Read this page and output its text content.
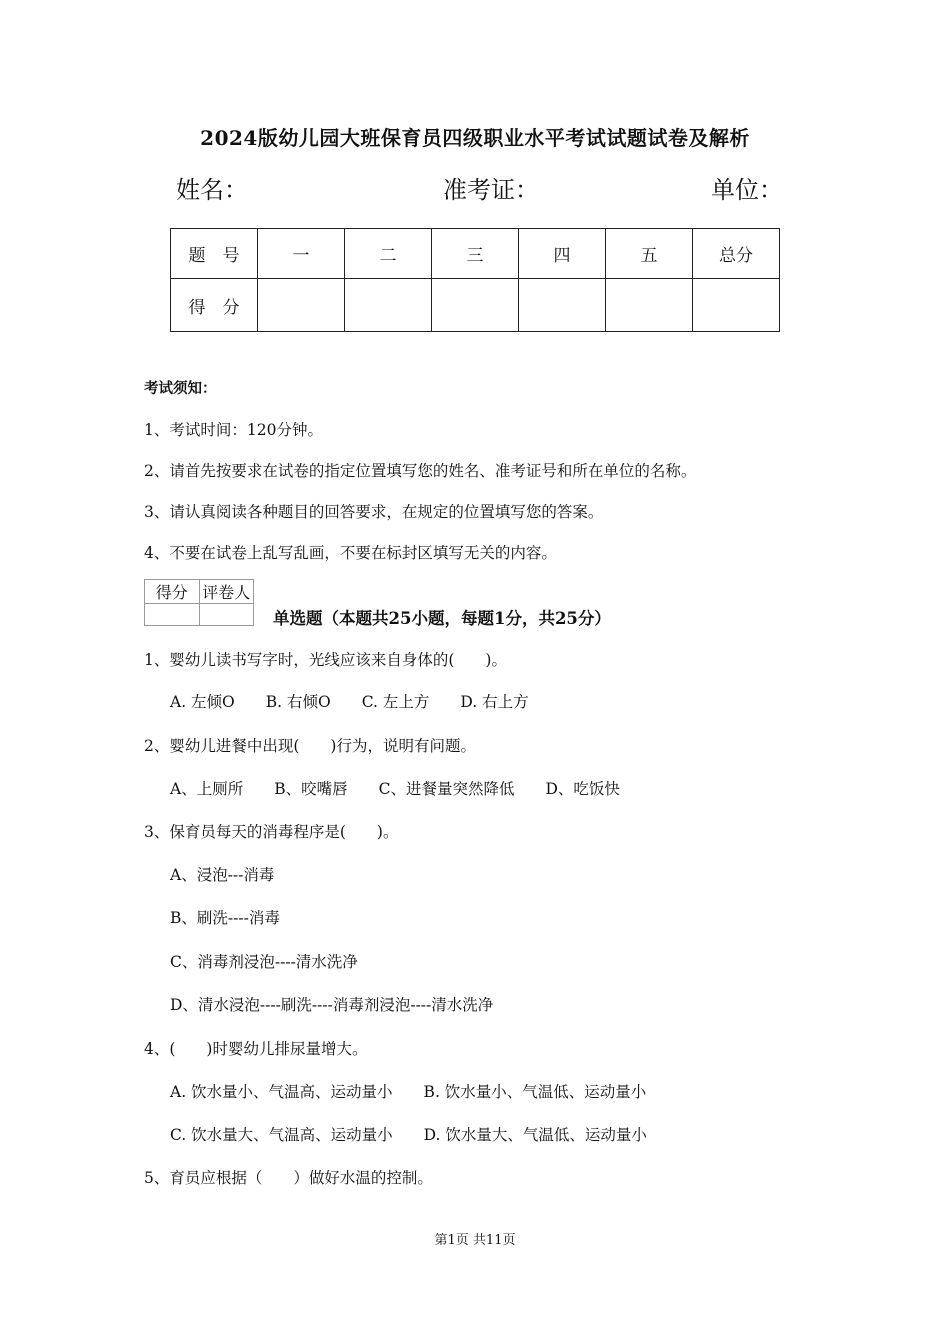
2024版幼儿园大班保育员四级职业水平考试试题试卷及解析
姓名：	准考证：	单位：
题　号	一	二	三	四	五	总分
得　分						
考试须知：
1、考试时间：120分钟。
2、请首先按要求在试卷的指定位置填写您的姓名、准考证号和所在单位的名称。
3、请认真阅读各种题目的回答要求，在规定的位置填写您的答案。
4、不要在试卷上乱写乱画，不要在标封区填写无关的内容。
得分	评卷人

单选题（本题共25小题，每题1分，共25分）
1、婴幼儿读书写字时，光线应该来自身体的(　　)。
A. 左倾O　　B. 右倾O　　C. 左上方　　D. 右上方
2、婴幼儿进餐中出现(　　)行为，说明有问题。
A、上厕所　　B、咬嘴唇　　C、进餐量突然降低　　D、吃饭快
3、保育员每天的消毒程序是(　　)。
A、浸泡---消毒
B、刷洗----消毒
C、消毒剂浸泡----清水洗净
D、清水浸泡----刷洗----消毒剂浸泡----清水洗净
4、(　　)时婴幼儿排尿量增大。
A. 饮水量小、气温高、运动量小　　B. 饮水量小、气温低、运动量小
C. 饮水量大、气温高、运动量小　　D. 饮水量大、气温低、运动量小
5、育员应根据（　　）做好水温的控制。
第1页 共11页
